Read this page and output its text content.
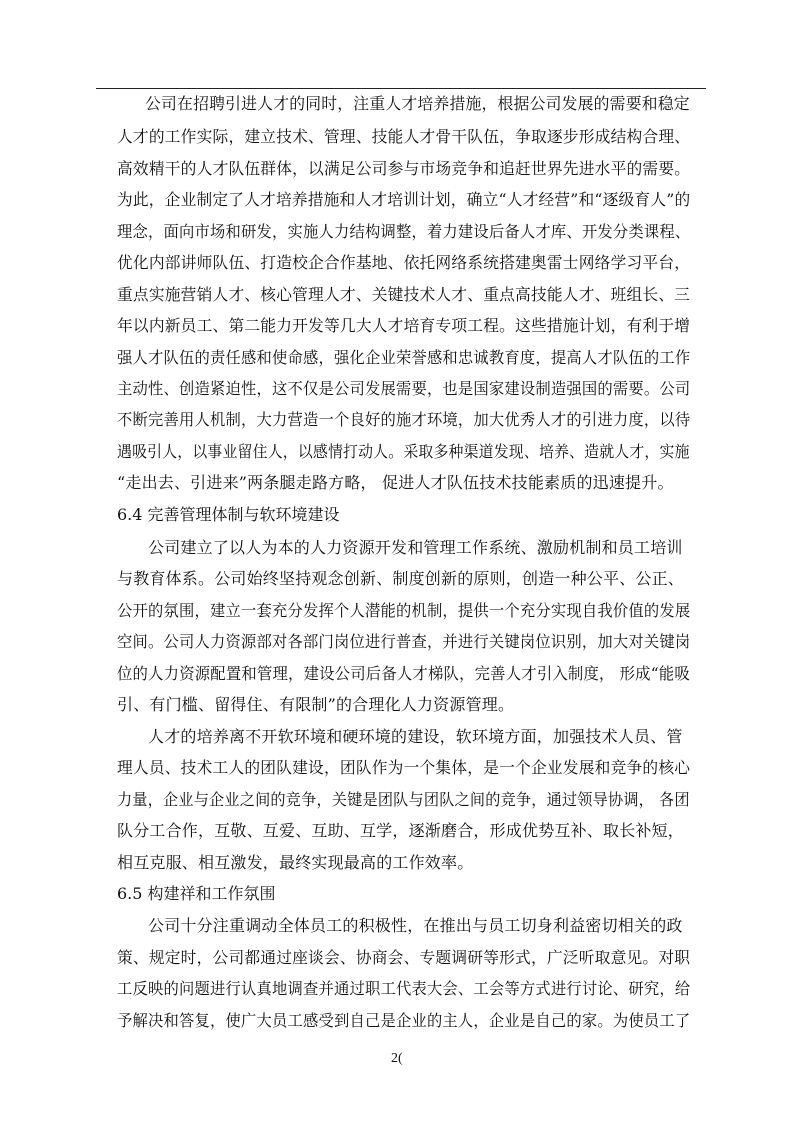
公司在招聘引进人才的同时，注重人才培养措施，根据公司发展的需要和稳定
人才的工作实际，建立技术、管理、技能人才骨干队伍，争取逐步形成结构合理、
高效精干的人才队伍群体，以满足公司参与市场竞争和追赶世界先进水平的需要。
为此，企业制定了人才培养措施和人才培训计划，确立“人才经营”和“逐级育人”的
理念，面向市场和研发，实施人力结构调整，着力建设后备人才库、开发分类课程、
优化内部讲师队伍、打造校企合作基地、依托网络系统搭建奥雷士网络学习平台，
重点实施营销人才、核心管理人才、关键技术人才、重点高技能人才、班组长、三
年以内新员工、第二能力开发等几大人才培育专项工程。这些措施计划，有利于增
强人才队伍的责任感和使命感，强化企业荣誉感和忠诚教育度，提高人才队伍的工作
主动性、创造紧迫性，这不仅是公司发展需要，也是国家建设制造强国的需要。公司
不断完善用人机制，大力营造一个良好的施才环境，加大优秀人才的引进力度，以待
遇吸引人，以事业留住人，以感情打动人。采取多种渠道发现、培养、造就人才，实施
“走出去、引进来”两条腿走路方略， 促进人才队伍技术技能素质的迅速提升。
6.4 完善管理体制与软环境建设
公司建立了以人为本的人力资源开发和管理工作系统、激励机制和员工培训
与教育体系。公司始终坚持观念创新、制度创新的原则，创造一种公平、公正、
公开的氛围，建立一套充分发挥个人潜能的机制，提供一个充分实现自我价值的发展
空间。公司人力资源部对各部门岗位进行普查，并进行关键岗位识别，加大对关键岗
位的人力资源配置和管理，建设公司后备人才梯队，完善人才引入制度， 形成“能吸
引、有门槛、留得住、有限制”的合理化人力资源管理。
人才的培养离不开软环境和硬环境的建设，软环境方面，加强技术人员、管
理人员、技术工人的团队建设，团队作为一个集体，是一个企业发展和竞争的核心
力量，企业与企业之间的竞争，关键是团队与团队之间的竞争，通过领导协调， 各团
队分工合作，互敬、互爱、互助、互学，逐渐磨合，形成优势互补、取长补短，
相互克服、相互激发，最终实现最高的工作效率。
6.5 构建祥和工作氛围
公司十分注重调动全体员工的积极性，在推出与员工切身利益密切相关的政
策、规定时，公司都通过座谈会、协商会、专题调研等形式，广泛听取意见。对职
工反映的问题进行认真地调查并通过职工代表大会、工会等方式进行讨论、研究，给
予解决和答复，使广大员工感受到自己是企业的主人，企业是自己的家。为使员工了
2(
